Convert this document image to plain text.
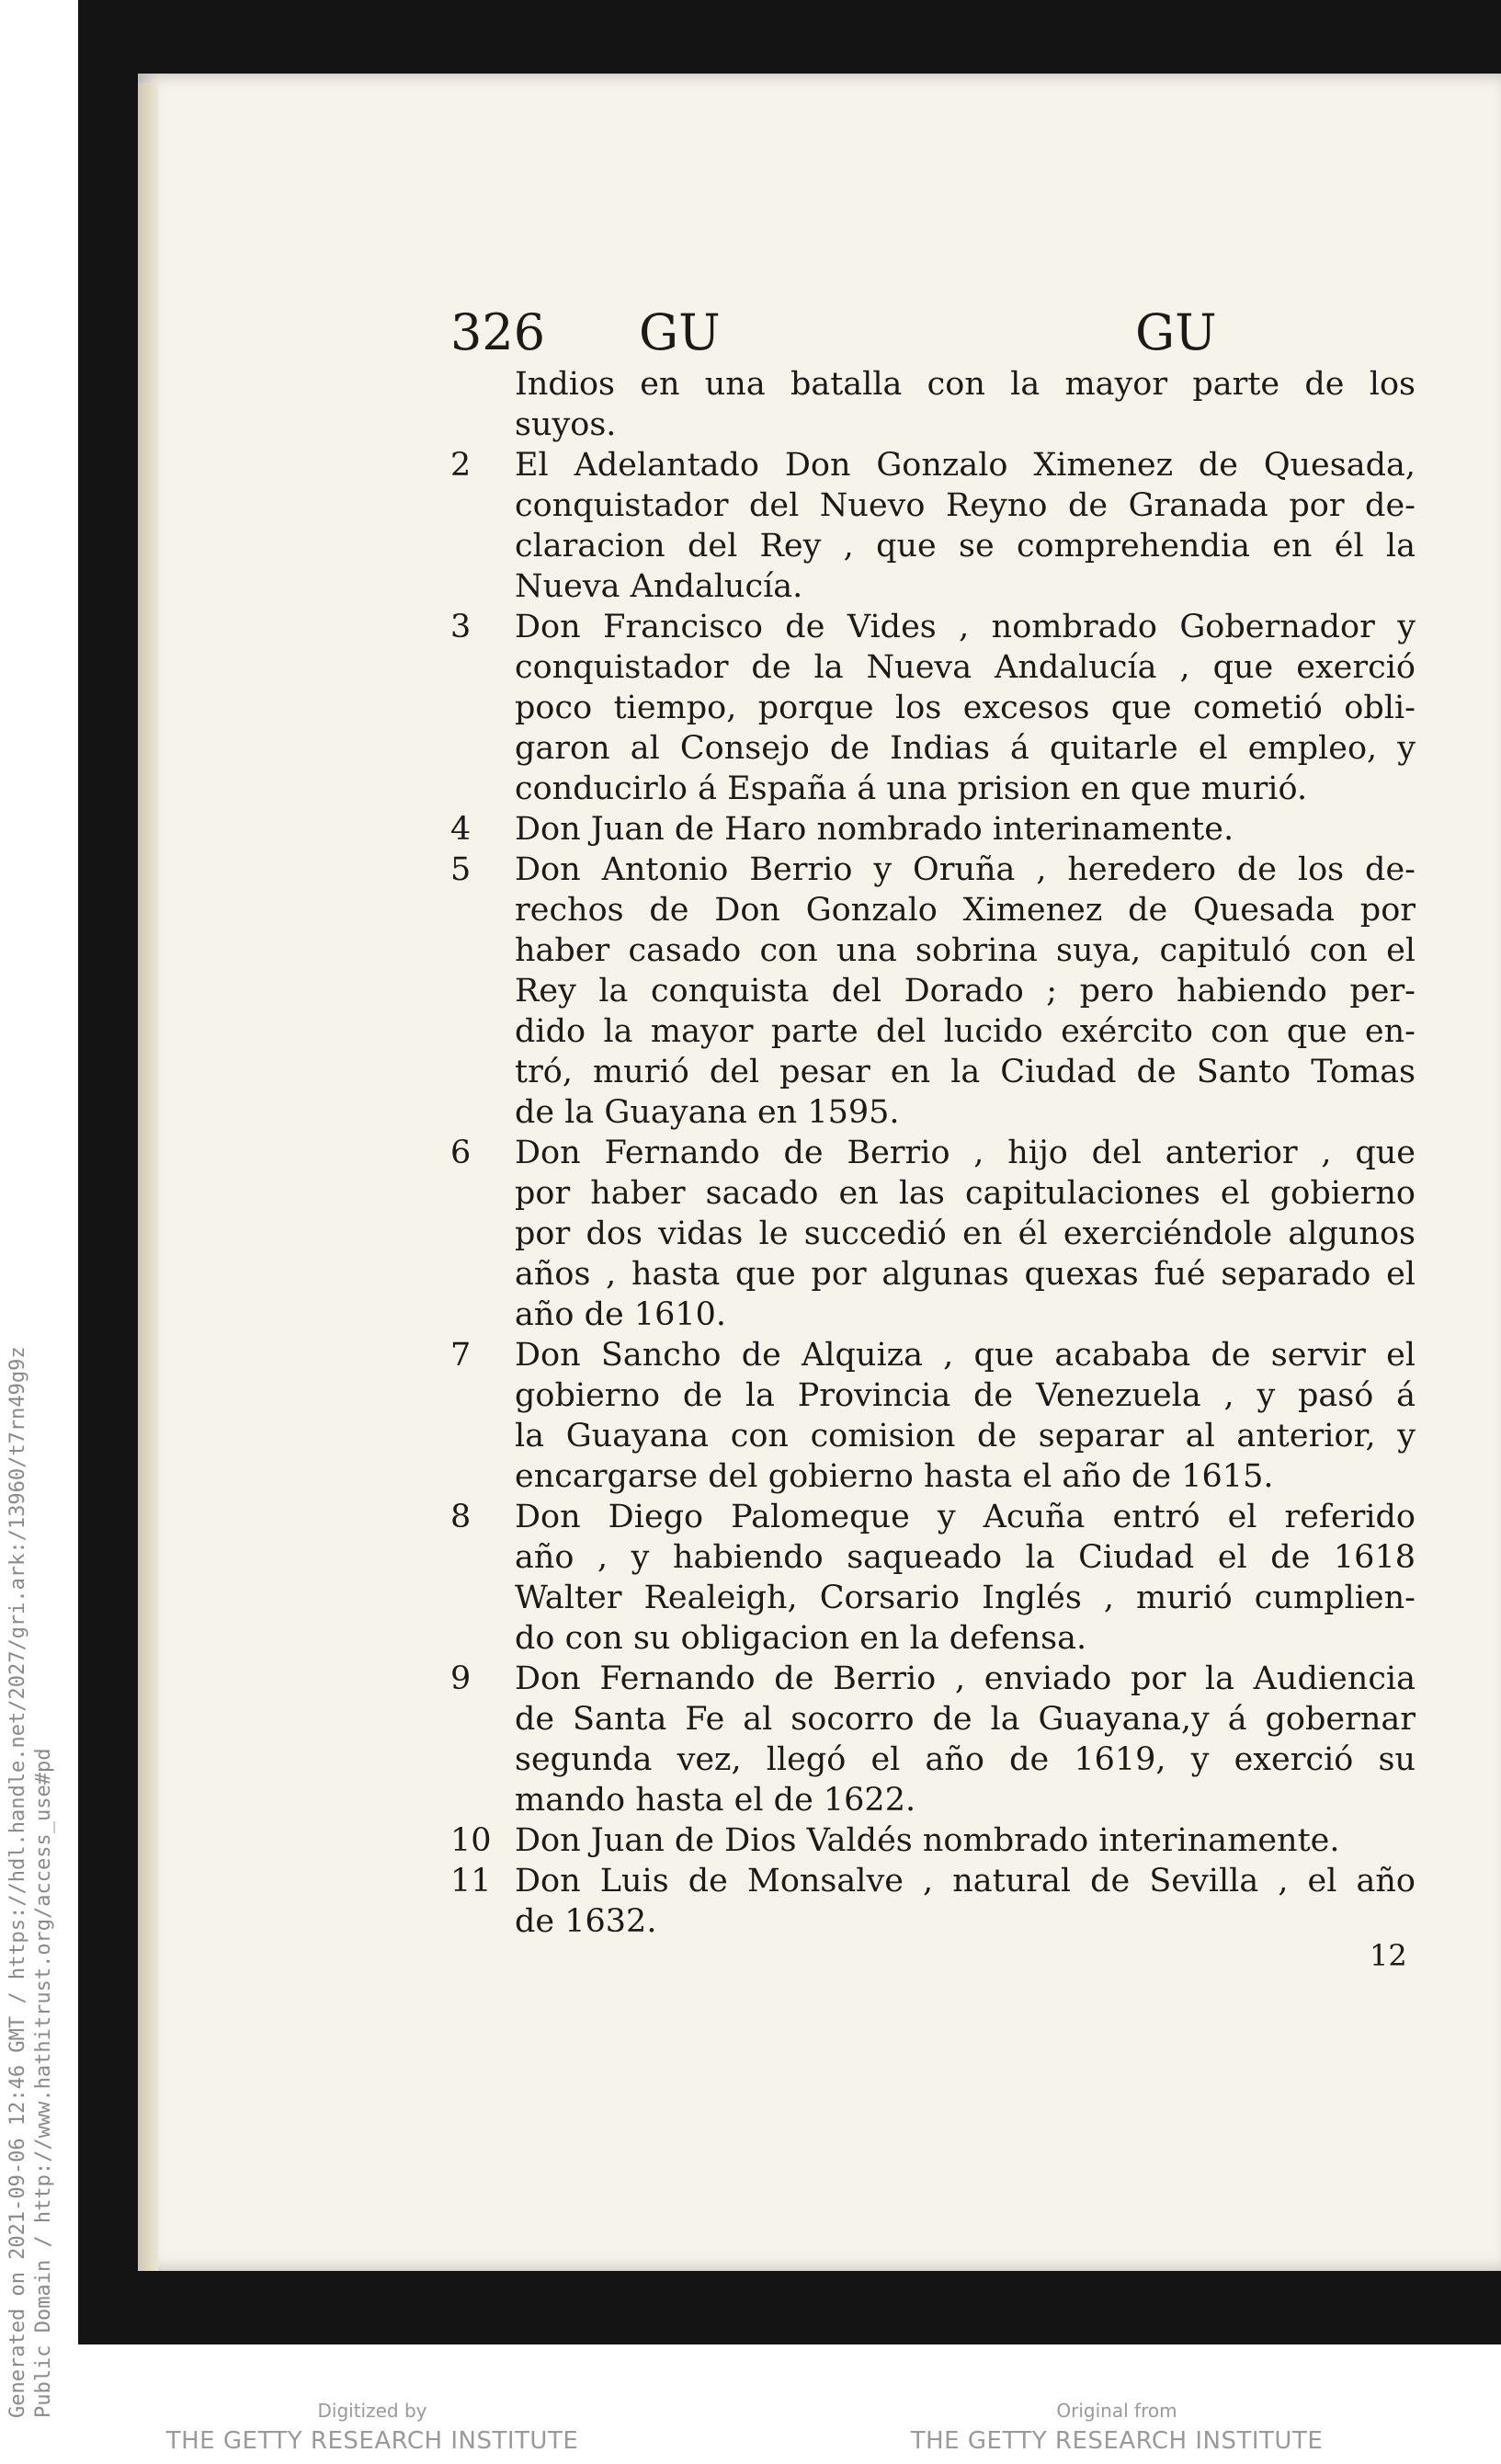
326 GU	GU
Indios en una batalla con la mayor parte de los
suyos.
2	El Adelantado Don Gonzalo Ximenez de Quesada,
conquistador del Nuevo Reyno de Granada por de-
claracion del Rey , que se comprehendia en él la
Nueva Andalucía.
3	Don Francisco de Vides , nombrado Gobernador y
conquistador de la Nueva Andalucía , que exerció
poco tiempo, porque los excesos que cometió obli-
garon al Consejo de Indias á quitarle el empleo, y
conducirlo á España á una prision en que murió.
4	Don Juan de Haro nombrado interinamente.
5	Don Antonio Berrio y Oruña , heredero de los de-
rechos de Don Gonzalo Ximenez de Quesada por
haber casado con una sobrina suya, capituló con el
Rey la conquista del Dorado ; pero habiendo per-
dido la mayor parte del lucido exército con que en-
tró, murió del pesar en la Ciudad de Santo Tomas
de la Guayana en 1595.
6	Don Fernando de Berrio , hijo del anterior , que
por haber sacado en las capitulaciones el gobierno
por dos vidas le succedió en él exerciéndole algunos
años , hasta que por algunas quexas fué separado el
año de 1610.
7	Don Sancho de Alquiza , que acababa de servir el
gobierno de la Provincia de Venezuela , y pasó á
la Guayana con comision de separar al anterior, y
encargarse del gobierno hasta el año de 1615.
8	Don Diego Palomeque y Acuña entró el referido
año , y habiendo saqueado la Ciudad el de 1618
Walter Realeigh, Corsario Inglés , murió cumplien-
do con su obligacion en la defensa.
9	Don Fernando de Berrio , enviado por la Audiencia
de Santa Fe al socorro de la Guayana,y á gobernar
segunda vez, llegó el año de 1619, y exerció su
mando hasta el de 1622.
10 Don Juan de Dios Valdés nombrado interinamente.
11 Don Luis de Monsalve , natural de Sevilla , el año
de 1632.
12
Generated on 2021-09-06 12:46 GMT / https://hdl.handle.net/2027/gri.ark:/13960/t7rn49g9z Public Domain / http://www.hathitrust.org/access_use#pd	Digitized by
THE GETTY RESEARCH INSTITUTE
Original from
THE GETTY RESEARCH INSTITUTE
